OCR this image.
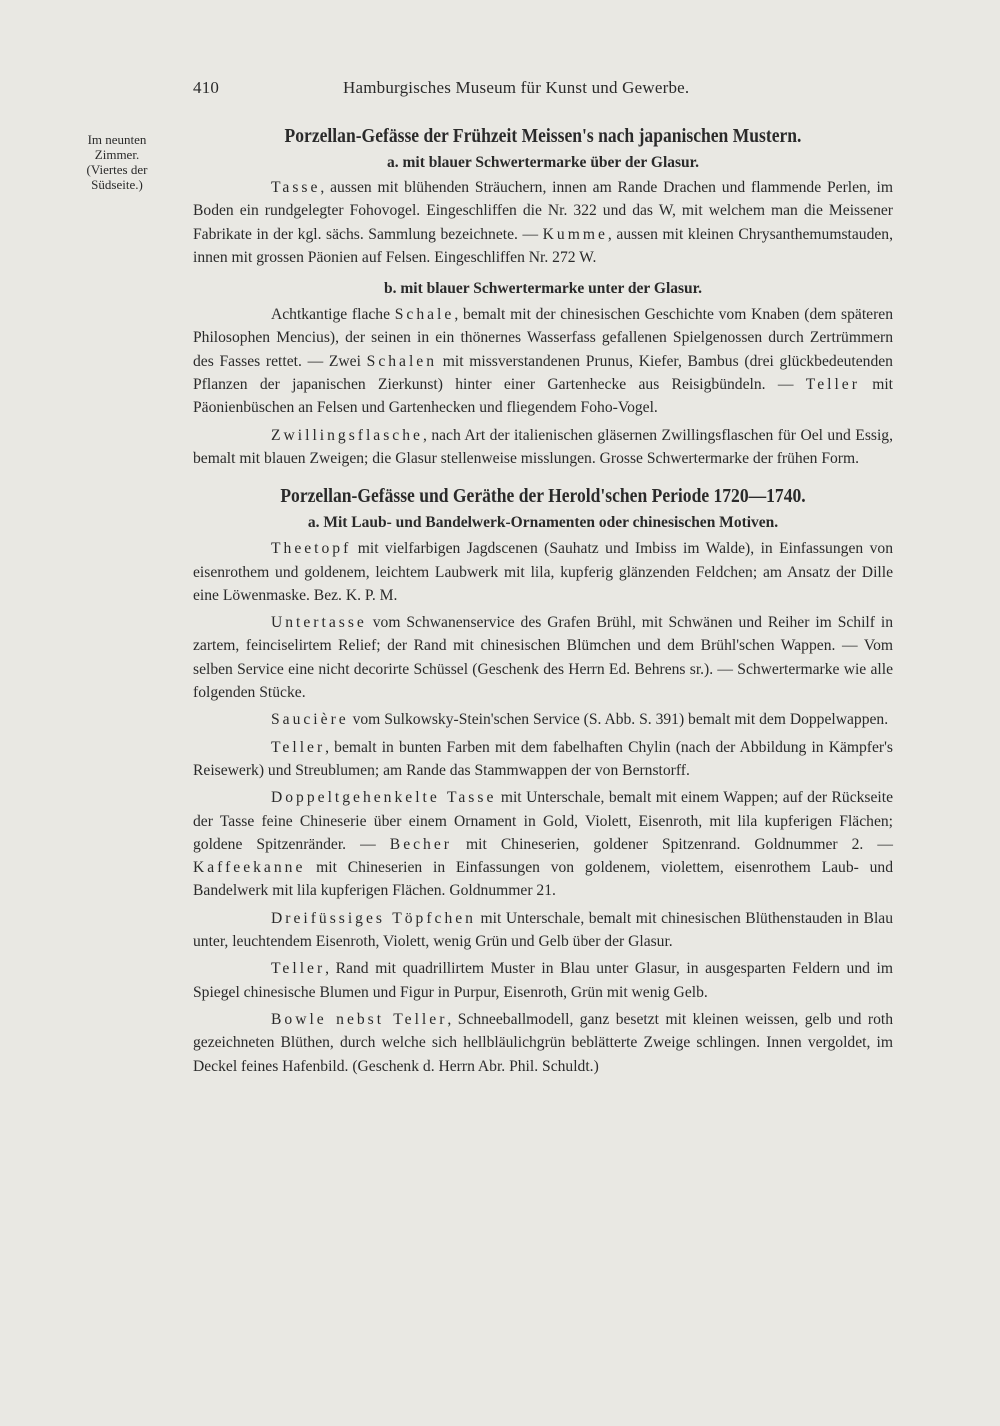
410	Hamburgisches Museum für Kunst und Gewerbe.
Im neunten
Zimmer.
(Viertes der
Südseite.)
Porzellan-Gefässe der Frühzeit Meissen's nach japanischen Mustern.
a. mit blauer Schwertermarke über der Glasur.

Tasse, aussen mit blühenden Sträuchern, innen am Rande Drachen und flammende Perlen, im Boden ein rundgelegter Fohovogel. Eingeschliffen die Nr. 322 und das W, mit welchem man die Meissener Fabrikate in der kgl. sächs. Sammlung bezeichnete. — Kumme, aussen mit kleinen Chrysanthemumstauden, innen mit grossen Päonien auf Felsen. Eingeschliffen Nr. 272 W.

b. mit blauer Schwertermarke unter der Glasur.

Achtkantige flache Schale, bemalt mit der chinesischen Geschichte vom Knaben (dem späteren Philosophen Mencius), der seinen in ein thönernes Wasserfass gefallenen Spielgenossen durch Zertrümmern des Fasses rettet. — Zwei Schalen mit missverstandenen Prunus, Kiefer, Bambus (drei glückbedeutenden Pflanzen der japanischen Zierkunst) hinter einer Gartenhecke aus Reisigbündeln. — Teller mit Päonienbüschen an Felsen und Gartenhecken und fliegendem Foho-Vogel.

Zwillingsflasche, nach Art der italienischen gläsernen Zwillingsflaschen für Oel und Essig, bemalt mit blauen Zweigen; die Glasur stellenweise misslungen. Grosse Schwertermarke der frühen Form.

Porzellan-Gefässe und Geräthe der Herold'schen Periode 1720—1740.
a. Mit Laub- und Bandelwerk-Ornamenten oder chinesischen Motiven.

Theetopf mit vielfarbigen Jagdscenen (Sauhatz und Imbiss im Walde), in Einfassungen von eisenrothem und goldenem, leichtem Laubwerk mit lila, kupferig glänzenden Feldchen; am Ansatz der Dille eine Löwenmaske. Bez. K. P. M.

Untertasse vom Schwanenservice des Grafen Brühl, mit Schwänen und Reiher im Schilf in zartem, feinciselirtem Relief; der Rand mit chinesischen Blümchen und dem Brühl'schen Wappen. — Vom selben Service eine nicht decorirte Schüssel (Geschenk des Herrn Ed. Behrens sr.). — Schwertermarke wie alle folgenden Stücke.

Saucière vom Sulkowsky-Stein'schen Service (S. Abb. S. 391) bemalt mit dem Doppelwappen.

Teller, bemalt in bunten Farben mit dem fabelhaften Chylin (nach der Abbildung in Kämpfer's Reisewerk) und Streublumen; am Rande das Stammwappen der von Bernstorff.

Doppeltgehenkelte Tasse mit Unterschale, bemalt mit einem Wappen; auf der Rückseite der Tasse feine Chineserie über einem Ornament in Gold, Violett, Eisenroth, mit lila kupferigen Flächen; goldene Spitzenränder. — Becher mit Chineserien, goldener Spitzenrand. Goldnummer 2. — Kaffeekanne mit Chineserien in Einfassungen von goldenem, violettem, eisenrothem Laub- und Bandelwerk mit lila kupferigen Flächen. Goldnummer 21.

Dreifüssiges Töpfchen mit Unterschale, bemalt mit chinesischen Blüthenstauden in Blau unter, leuchtendem Eisenroth, Violett, wenig Grün und Gelb über der Glasur.

Teller, Rand mit quadrillirtem Muster in Blau unter Glasur, in ausgesparten Feldern und im Spiegel chinesische Blumen und Figur in Purpur, Eisenroth, Grün mit wenig Gelb.

Bowle nebst Teller, Schneeballmodell, ganz besetzt mit kleinen weissen, gelb und roth gezeichneten Blüthen, durch welche sich hellbläulichgrün beblätterte Zweige schlingen. Innen vergoldet, im Deckel feines Hafenbild. (Geschenk d. Herrn Abr. Phil. Schuldt.)
